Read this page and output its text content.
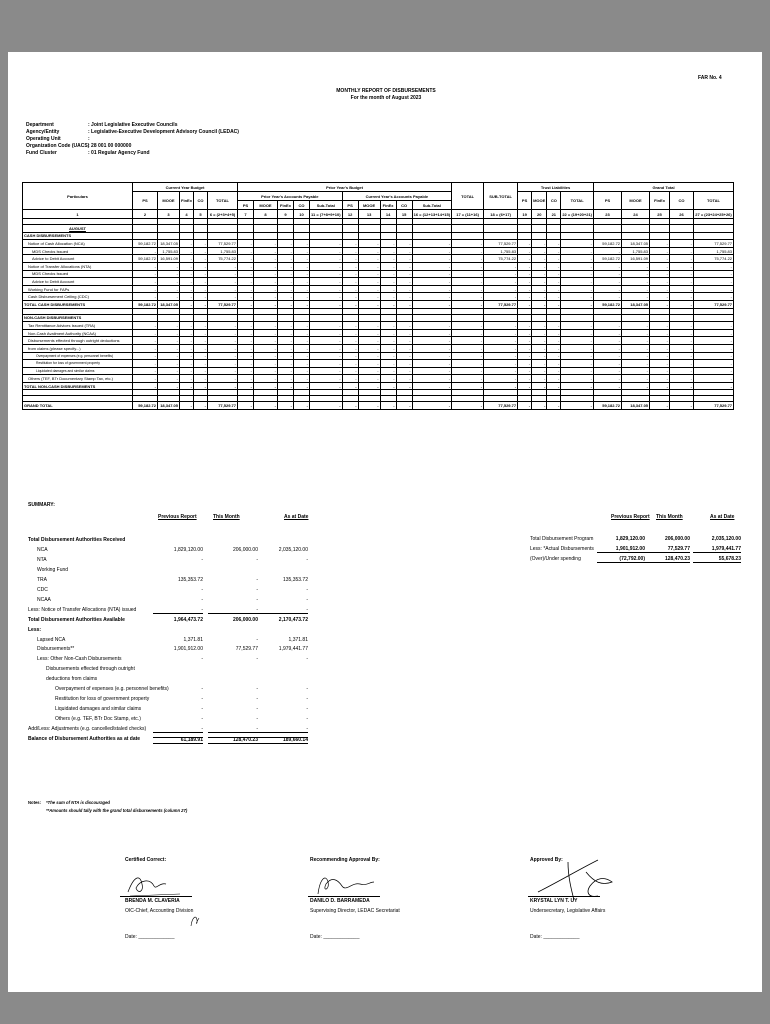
FAR No. 4
MONTHLY REPORT OF DISBURSEMENTS
For the month of August 2023
Department	: Joint Legislative Executive Councils
Agency/Entity	: Legislative-Executive Development Advisory Council (LEDAC)
Operating Unit	:
Organization Code (UACS)
: 28 001 00 000000
Fund Cluster	: 01 Regular Agency Fund
Particulars	Current Year Budget					Prior Year's Budget										TOTAL	SUB-TOTAL	Trust Liabilities				Grand Total				
	PS	MOOE	FinEx	CO	TOTAL	Prior Year's Accounts Payable					Current Year's Accounts Payable							PS	MOOE	CO	TOTAL	PS	MOOE	FinEx	CO	TOTAL
						PS	MOOE	FinEx	CO	Sub-Total	PS	MOOE	FinEx	CO	Sub-Total											
1	2	3	4	5	6 = (2+3+4+5)	7	8	9	10	11 = (7+8+9+10)	12	13	14	15	16 = (12+13+14+15)	17 = (11+16)	18 = (6+17)	19	20	21	22 = (19+20+21)	23	24	25	26	27 = (23+24+25+26)

AUGUST																										
CASH DISBURSEMENTS																										
Notice of Cash Allocation (NCA)	59,182.72	18,347.05	-	-	77,529.77	-	-	-	-	-	-	-	-	-	-	-	77,529.77	-	-	-	-	59,182.72	18,347.05	-	-	77,529.77
MDS Checks Issued	-	1,755.83	-	-	1,755.83	-	-	-	-	-	-	-	-	-	-	-	1,755.83	-	-	-	-	-	1,755.83	-	-	1,755.83
Advice to Debit Account	59,182.72	16,591.09	-	-	75,774.22	-	-	-	-	-	-	-	-	-	-	-	75,774.22	-	-	-	-	59,182.72	16,591.09	-	-	75,774.22
Notice of Transfer Allocations (NTA)	-	-	-	-	-	-	-	-	-	-	-	-	-	-	-	-	-	-	-	-	-	-	-	-	-	-
MDS Checks Issued	-	-	-	-	-	-	-	-	-	-	-	-	-	-	-	-	-	-	-	-	-	-	-	-	-	-
Advice to Debit Account	-	-	-	-	-	-	-	-	-	-	-	-	-	-	-	-	-	-	-	-	-	-	-	-	-	-
Working Fund for FAPs	-	-	-	-	-	-	-	-	-	-	-	-	-	-	-	-	-	-	-	-	-	-	-	-	-	-
Cash Disbursement Ceiling (CDC)	-	-	-	-	-	-	-	-	-	-	-	-	-	-	-	-	-	-	-	-	-	-	-	-	-	-
TOTAL CASH DISBURSEMENTS	59,182.72	18,347.05	-	-	77,529.77	-	-	-	-	-	-	-	-	-	-	-	77,529.77	-	-	-	-	59,182.72	18,347.05	-	-	77,529.77

NON-CASH DISBURSEMENTS																										
Tax Remittance Advices Issued (TRA)	-	-	-	-	-	-	-	-	-	-	-	-	-	-	-	-	-	-	-	-	-	-	-	-	-	-
Non-Cash Availment Authority (NCAA)	-	-	-	-	-	-	-	-	-	-	-	-	-	-	-	-	-	-	-	-	-	-	-	-	-	-
Disbursements effected through outright deductions	-	-	-	-	-	-	-	-	-	-	-	-	-	-	-	-	-	-	-	-	-	-	-	-	-	-
from claims (please specify...)	-	-	-	-	-	-	-	-	-	-	-	-	-	-	-	-	-	-	-	-	-	-	-	-	-	-
Overpayment of expenses (e.g. personnel benefits)	-	-	-	-	-	-	-	-	-	-	-	-	-	-	-	-	-	-	-	-	-	-	-	-	-	-
Restitution for loss of government property	-	-	-	-	-	-	-	-	-	-	-	-	-	-	-	-	-	-	-	-	-	-	-	-	-	-
Liquidated damages and similar claims	-	-	-	-	-	-	-	-	-	-	-	-	-	-	-	-	-	-	-	-	-	-	-	-	-	-
Others (TEF, BTr Documentary Stamp Tax, etc.)	-	-	-	-	-	-	-	-	-	-	-	-	-	-	-	-	-	-	-	-	-	-	-	-	-	-
TOTAL NON-CASH DISBURSEMENTS	-	-	-	-	-	-	-	-	-	-	-	-	-	-	-	-	-	-	-	-	-	-	-	-	-	-

GRAND TOTAL	59,182.72	18,347.05	-	-	77,529.77	-	-	-	-	-	-	-	-	-	-	-	77,529.77	-	-	-	-	59,182.72	18,347.05	-	-	77,529.77
SUMMARY:
Previous Report	This Month	As at Date
Total Disbursement Authorities Received
NCA	1,829,120.00	206,000.00	2,035,120.00
NTA	-	-	-
Working Fund
TRA	135,353.72	-	135,353.72
CDC	-	-	-
NCAA	-	-	-
Less: Notice of Transfer Allocations (NTA) issued	-	-	-
Total Disbursement Authorities Available	1,964,473.72	206,000.00	2,170,473.72
Less:
Lapsed NCA	1,371.81	-	1,371.81
Disbursements**	1,901,912.00	77,529.77	1,979,441.77
Less: Other Non-Cash Disbursements	-	-	-
Disbursements effected through outright
deductions from claims
Overpayment of expenses (e.g. personnel benefits)	-	-	-
Restitution for loss of government property	-	-	-
Liquidated damages and similar claims	-	-	-
Others (e.g. TEF, BTr Doc Stamp, etc.)	-	-	-
Add/Less: Adjustments (e.g. cancelled/staled checks)	-	-	-
Balance of Disbursement Authorities as at date	61,189.91	128,470.23	189,660.14
Previous Report This Month	As at Date
Total Disbursement Program	1,829,120.00	206,000.00	2,035,120.00
Less: *Actual Disbursements	1,901,912.00	77,529.77	1,979,441.77
(Over)/Under spending	(72,792.00)	128,470.23	55,678.23
Notes: *The sum of NTA is discouraged
**Amounts should tally with the grand total disbursements (column 27)
Certified Correct:
BRENDA M. CLAVERIA
OIC-Chief, Accounting Division
Date: _____________
Recommending Approval By:
DANILO D. BARRAMEDA
Supervising Director, LEDAC Secretariat
Date: _____________
Approved By:
KRYSTAL LYN T. UY
Undersecretary, Legislative Affairs
Date: _____________
